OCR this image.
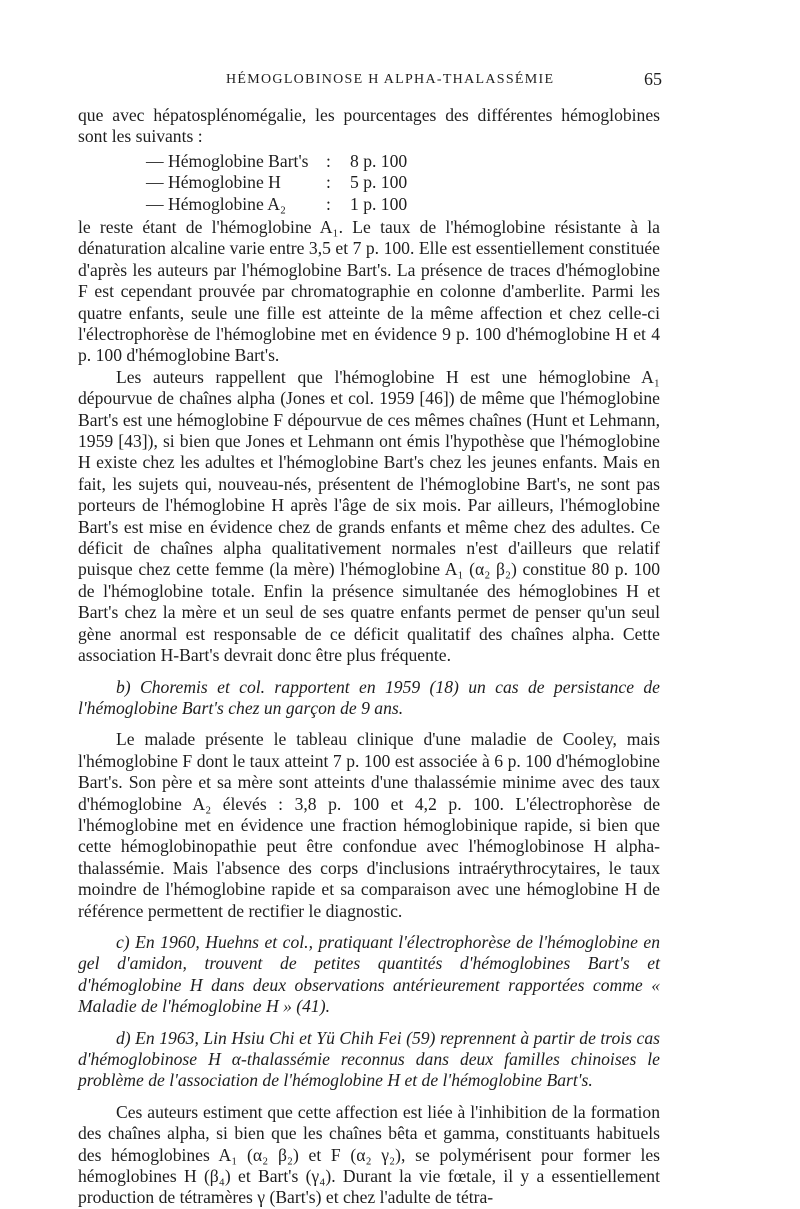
HÉMOGLOBINOSE H ALPHA-THALASSÉMIE	65

que avec hépatosplénomégalie, les pourcentages des différentes hémoglobines sont les suivants :

— Hémoglobine Bart's :	8 p. 100
— Hémoglobine H	:	5 p. 100
— Hémoglobine A₂	:	1 p. 100

le reste étant de l'hémoglobine A₁. Le taux de l'hémoglobine résistante à la dénaturation alcaline varie entre 3,5 et 7 p. 100. Elle est essentiellement constituée d'après les auteurs par l'hémoglobine Bart's. La présence de traces d'hémoglobine F est cependant prouvée par chromatographie en colonne d'amberlite. Parmi les quatre enfants, seule une fille est atteinte de la même affection et chez celle-ci l'électrophorèse de l'hémoglobine met en évidence 9 p. 100 d'hémoglobine H et 4 p. 100 d'hémoglobine Bart's.

Les auteurs rappellent que l'hémoglobine H est une hémoglobine A₁ dépourvue de chaînes alpha (Jones et col. 1959 [46]) de même que l'hémoglobine Bart's est une hémoglobine F dépourvue de ces mêmes chaînes (Hunt et Lehmann, 1959 [43]), si bien que Jones et Lehmann ont émis l'hypothèse que l'hémoglobine H existe chez les adultes et l'hémoglobine Bart's chez les jeunes enfants. Mais en fait, les sujets qui, nouveau-nés, présentent de l'hémoglobine Bart's, ne sont pas porteurs de l'hémoglobine H après l'âge de six mois. Par ailleurs, l'hémoglobine Bart's est mise en évidence chez de grands enfants et même chez des adultes. Ce déficit de chaînes alpha qualitativement normales n'est d'ailleurs que relatif puisque chez cette femme (la mère) l'hémoglobine A₁ (α₂ β₂) constitue 80 p. 100 de l'hémoglobine totale. Enfin la présence simultanée des hémoglobines H et Bart's chez la mère et un seul de ses quatre enfants permet de penser qu'un seul gène anormal est responsable de ce déficit qualitatif des chaînes alpha. Cette association H-Bart's devrait donc être plus fréquente.

b) Choremis et col. rapportent en 1959 (18) un cas de persistance de l'hémoglobine Bart's chez un garçon de 9 ans.

Le malade présente le tableau clinique d'une maladie de Cooley, mais l'hémoglobine F dont le taux atteint 7 p. 100 est associée à 6 p. 100 d'hémoglobine Bart's. Son père et sa mère sont atteints d'une thalassémie minime avec des taux d'hémoglobine A₂ élevés : 3,8 p. 100 et 4,2 p. 100. L'électrophorèse de l'hémoglobine met en évidence une fraction hémoglobinique rapide, si bien que cette hémoglobinopathie peut être confondue avec l'hémoglobinose H alpha-thalassémie. Mais l'absence des corps d'inclusions intraérythrocytaires, le taux moindre de l'hémoglobine rapide et sa comparaison avec une hémoglobine H de référence permettent de rectifier le diagnostic.

c) En 1960, Huehns et col., pratiquant l'électrophorèse de l'hémoglobine en gel d'amidon, trouvent de petites quantités d'hémoglobines Bart's et d'hémoglobine H dans deux observations antérieurement rapportées comme « Maladie de l'hémoglobine H » (41).

d) En 1963, Lin Hsiu Chi et Yü Chih Fei (59) reprennent à partir de trois cas d'hémoglobinose H α-thalassémie reconnus dans deux familles chinoises le problème de l'association de l'hémoglobine H et de l'hémoglobine Bart's.

Ces auteurs estiment que cette affection est liée à l'inhibition de la formation des chaînes alpha, si bien que les chaînes bêta et gamma, constituants habituels des hémoglobines A₁ (α₂ β₂) et F (α₂ γ₂), se polymérisent pour former les hémoglobines H (β₄) et Bart's (γ₄). Durant la vie fœtale, il y a essentiellement production de tétramères γ (Bart's) et chez l'adulte de tétra-
